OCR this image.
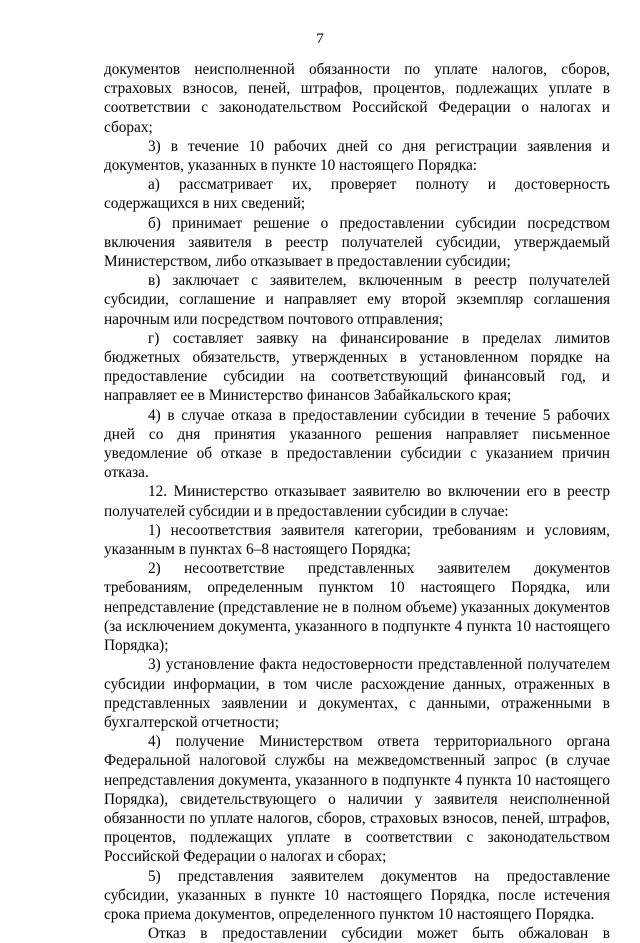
7

документов неисполненной обязанности по уплате налогов, сборов, страховых взносов, пеней, штрафов, процентов, подлежащих уплате в соответствии с законодательством Российской Федерации о налогах и сборах;

3) в течение 10 рабочих дней со дня регистрации заявления и документов, указанных в пункте 10 настоящего Порядка:

а) рассматривает их, проверяет полноту и достоверность содержащихся в них сведений;

б) принимает решение о предоставлении субсидии посредством включения заявителя в реестр получателей субсидии, утверждаемый Министерством, либо отказывает в предоставлении субсидии;

в) заключает с заявителем, включенным в реестр получателей субсидии, соглашение и направляет ему второй экземпляр соглашения нарочным или посредством почтового отправления;

г) составляет заявку на финансирование в пределах лимитов бюджетных обязательств, утвержденных в установленном порядке на предоставление субсидии на соответствующий финансовый год, и направляет ее в Министерство финансов Забайкальского края;

4) в случае отказа в предоставлении субсидии в течение 5 рабочих дней со дня принятия указанного решения направляет письменное уведомление об отказе в предоставлении субсидии с указанием причин отказа.

12. Министерство отказывает заявителю во включении его в реестр получателей субсидии и в предоставлении субсидии в случае:

1) несоответствия заявителя категории, требованиям и условиям, указанным в пунктах 6–8 настоящего Порядка;

2) несоответствие представленных заявителем документов требованиям, определенным пунктом 10 настоящего Порядка, или непредставление (представление не в полном объеме) указанных документов (за исключением документа, указанного в подпункте 4 пункта 10 настоящего Порядка);

3) установление факта недостоверности представленной получателем субсидии информации, в том числе расхождение данных, отраженных в представленных заявлении и документах, с данными, отраженными в бухгалтерской отчетности;

4) получение Министерством ответа территориального органа Федеральной налоговой службы на межведомственный запрос (в случае непредставления документа, указанного в подпункте 4 пункта 10 настоящего Порядка), свидетельствующего о наличии у заявителя неисполненной обязанности по уплате налогов, сборов, страховых взносов, пеней, штрафов, процентов, подлежащих уплате в соответствии с законодательством Российской Федерации о налогах и сборах;

5) представления заявителем документов на предоставление субсидии, указанных в пункте 10 настоящего Порядка, после истечения срока приема документов, определенного пунктом 10 настоящего Порядка.

Отказ в предоставлении субсидии может быть обжалован в
